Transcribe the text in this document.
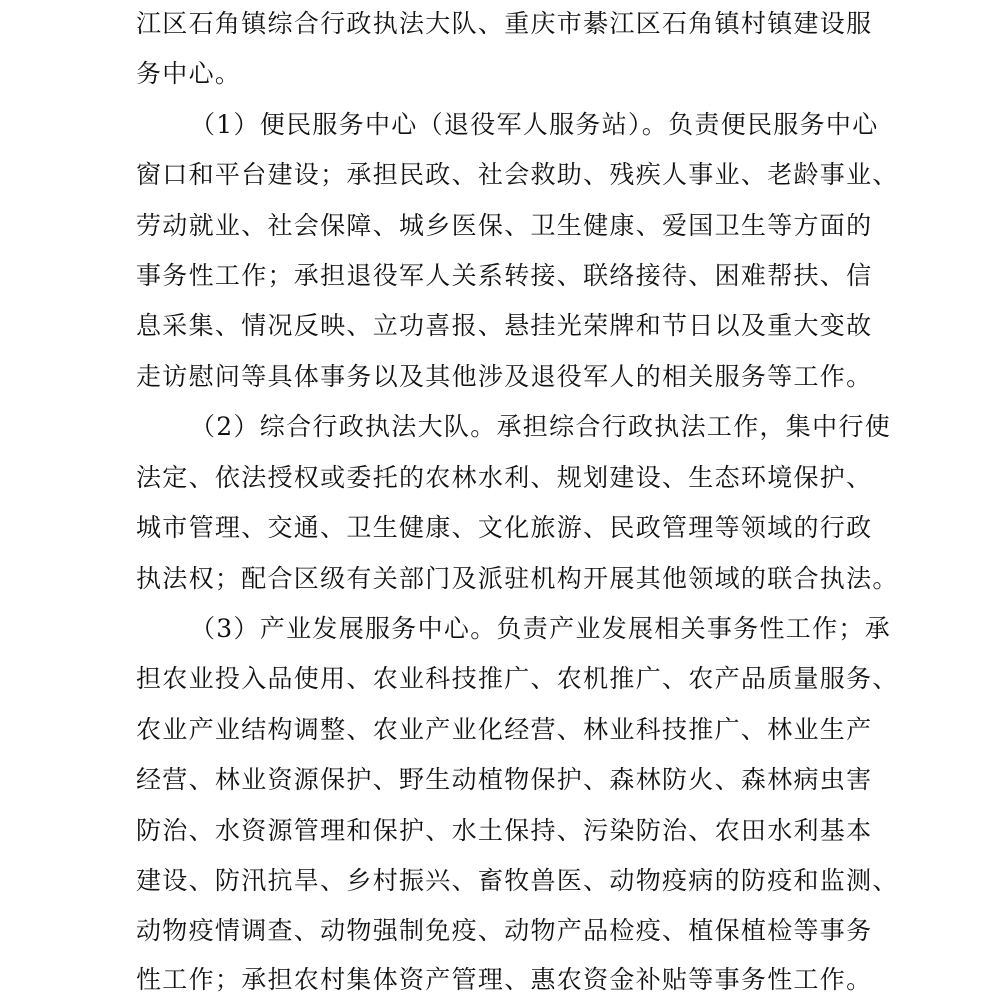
江区石角镇综合行政执法大队、重庆市綦江区石角镇村镇建设服
务中心。
（1）便民服务中心（退役军人服务站）。负责便民服务中心
窗口和平台建设；承担民政、社会救助、残疾人事业、老龄事业、
劳动就业、社会保障、城乡医保、卫生健康、爱国卫生等方面的
事务性工作；承担退役军人关系转接、联络接待、困难帮扶、信
息采集、情况反映、立功喜报、悬挂光荣牌和节日以及重大变故
走访慰问等具体事务以及其他涉及退役军人的相关服务等工作。
（2）综合行政执法大队。承担综合行政执法工作，集中行使
法定、依法授权或委托的农林水利、规划建设、生态环境保护、
城市管理、交通、卫生健康、文化旅游、民政管理等领域的行政
执法权；配合区级有关部门及派驻机构开展其他领域的联合执法。
（3）产业发展服务中心。负责产业发展相关事务性工作；承
担农业投入品使用、农业科技推广、农机推广、农产品质量服务、
农业产业结构调整、农业产业化经营、林业科技推广、林业生产
经营、林业资源保护、野生动植物保护、森林防火、森林病虫害
防治、水资源管理和保护、水土保持、污染防治、农田水利基本
建设、防汛抗旱、乡村振兴、畜牧兽医、动物疫病的防疫和监测、
动物疫情调查、动物强制免疫、动物产品检疫、植保植检等事务
性工作；承担农村集体资产管理、惠农资金补贴等事务性工作。
